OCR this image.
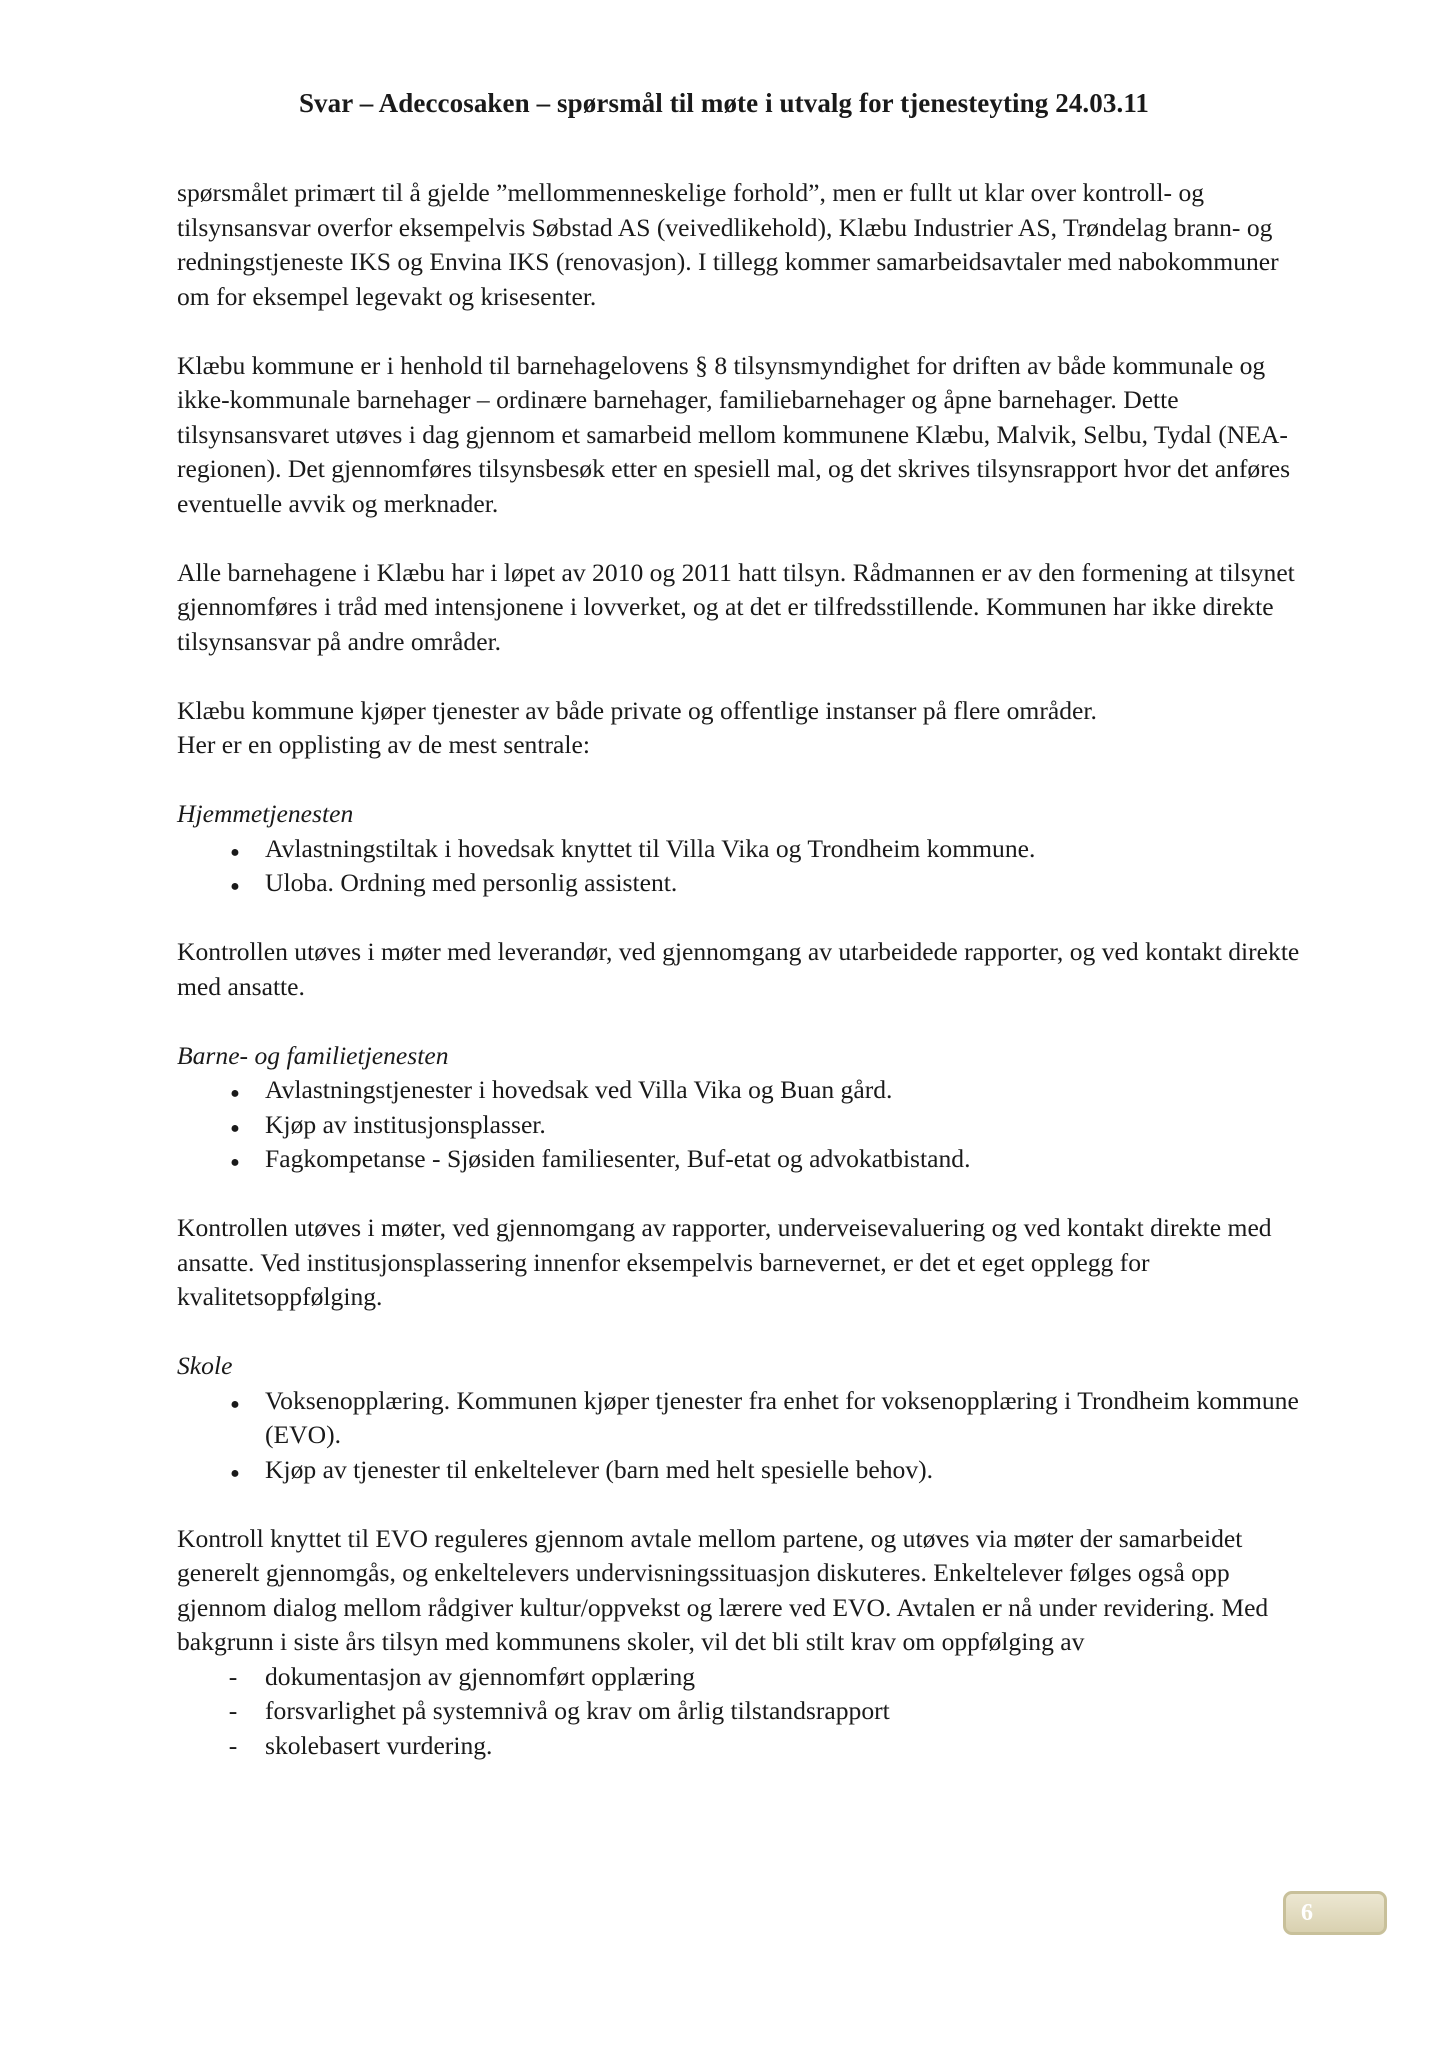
Svar – Adeccosaken – spørsmål til møte i utvalg for tjenesteyting 24.03.11

spørsmålet primært til å gjelde ”mellommenneskelige forhold”, men er fullt ut klar over kontroll- og tilsynsansvar overfor eksempelvis Søbstad AS (veivedlikehold), Klæbu Industrier AS, Trøndelag brann- og redningstjeneste IKS og Envina IKS (renovasjon). I tillegg kommer samarbeidsavtaler med nabokommuner om for eksempel legevakt og krisesenter.

Klæbu kommune er i henhold til barnehagelovens § 8 tilsynsmyndighet for driften av både kommunale og ikke-kommunale barnehager – ordinære barnehager, familiebarnehager og åpne barnehager. Dette tilsynsansvaret utøves i dag gjennom et samarbeid mellom kommunene Klæbu, Malvik, Selbu, Tydal (NEA-regionen). Det gjennomføres tilsynsbesøk etter en spesiell mal, og det skrives tilsynsrapport hvor det anføres eventuelle avvik og merknader.

Alle barnehagene i Klæbu har i løpet av 2010 og 2011 hatt tilsyn. Rådmannen er av den formening at tilsynet gjennomføres i tråd med intensjonene i lovverket, og at det er tilfredsstillende. Kommunen har ikke direkte tilsynsansvar på andre områder.

Klæbu kommune kjøper tjenester av både private og offentlige instanser på flere områder.
Her er en opplisting av de mest sentrale:

Hjemmetjenesten
●
Avlastningstiltak i hovedsak knyttet til Villa Vika og Trondheim kommune.
●
Uloba. Ordning med personlig assistent.

Kontrollen utøves i møter med leverandør, ved gjennomgang av utarbeidede rapporter, og ved kontakt direkte med ansatte.

Barne- og familietjenesten
●
Avlastningstjenester i hovedsak ved Villa Vika og Buan gård.
●
Kjøp av institusjonsplasser.
●
Fagkompetanse - Sjøsiden familiesenter, Buf-etat og advokatbistand.

Kontrollen utøves i møter, ved gjennomgang av rapporter, underveisevaluering og ved kontakt direkte med ansatte. Ved institusjonsplassering innenfor eksempelvis barnevernet, er det et eget opplegg for kvalitetsoppfølging.

Skole
●
Voksenopplæring. Kommunen kjøper tjenester fra enhet for voksenopplæring i Trondheim kommune (EVO).
●
Kjøp av tjenester til enkeltelever (barn med helt spesielle behov).

Kontroll knyttet til EVO reguleres gjennom avtale mellom partene, og utøves via møter der samarbeidet generelt gjennomgås, og enkeltelevers undervisningssituasjon diskuteres. Enkeltelever følges også opp gjennom dialog mellom rådgiver kultur/oppvekst og lærere ved EVO. Avtalen er nå under revidering. Med bakgrunn i siste års tilsyn med kommunens skoler, vil det bli stilt krav om oppfølging av

-
dokumentasjon av gjennomført opplæring
-
forsvarlighet på systemnivå og krav om årlig tilstandsrapport
-
skolebasert vurdering.
6
